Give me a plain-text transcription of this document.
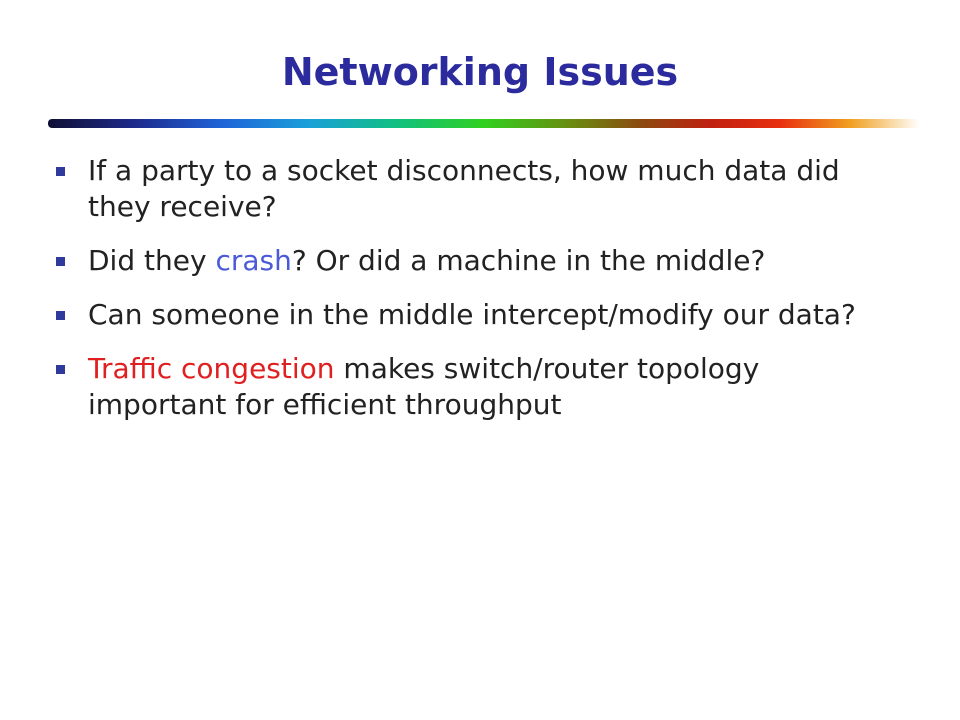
Networking Issues
If a party to a socket disconnects, how much data did they receive?
Did they crash? Or did a machine in the middle?
Can someone in the middle intercept/modify our data?
Traffic congestion makes switch/router topology important for efficient throughput
